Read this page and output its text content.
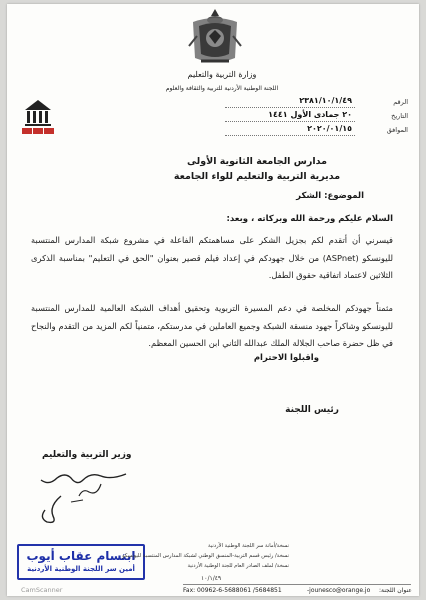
وزارة التربية والتعليم
اللجنة الوطنية الأردنية للتربية والثقافة والعلوم
الرقم
٢٣٨١/١٠/١/٤٩
التاريخ
٢٠ جمادى الأول ١٤٤١
الموافق
٢٠٢٠/٠١/١٥
مدارس الجامعة الثانوية الأولى
مديرية التربية والتعليم للواء الجامعة
الموضوع: الشكر
السلام عليكم ورحمة الله وبركاته ، وبعد:
فيسرني أن أتقدم لكم بجزيل الشكر على مساهمتكم الفاعلة في مشروع شبكة المدارس المنتسبة لليونسكو (ASPnet) من خلال جهودكم في إعداد فيلم قصير بعنوان "الحق في التعليم" بمناسبة الذكرى الثلاثين لاعتماد اتفاقية حقوق الطفل.
مثمناً جهودكم المخلصة في دعم المسيرة التربوية وتحقيق أهداف الشبكة العالمية للمدارس المنتسبة لليونسكو وشاكراً جهود منسقة الشبكة وجميع العاملين في مدرستكم، متمنياً لكم المزيد من التقدم والنجاح في ظل حضرة صاحب الجلالة الملك عبدالله الثاني ابن الحسين المعظم.
واقبلوا الاحترام
رئيس اللجنة
وزير التربية والتعليم
ابتسام عقاب أيوب
أمين سر اللجنة الوطنية الأردنية
CamScanner
نسخة/أمانة سر اللجنة الوطنية الأردنية
نسخة/ رئيس قسم التربية-المنسق الوطني لشبكة المدارس المنتسبة لليونسكو
نسخة/ لملف الصادر العام للجنة الوطنية الأردنية
١٠/١/٤٩
Fax: 00962-6-5688061 /5684851	-jounesco@orange.jo عنوان اللجنة:
